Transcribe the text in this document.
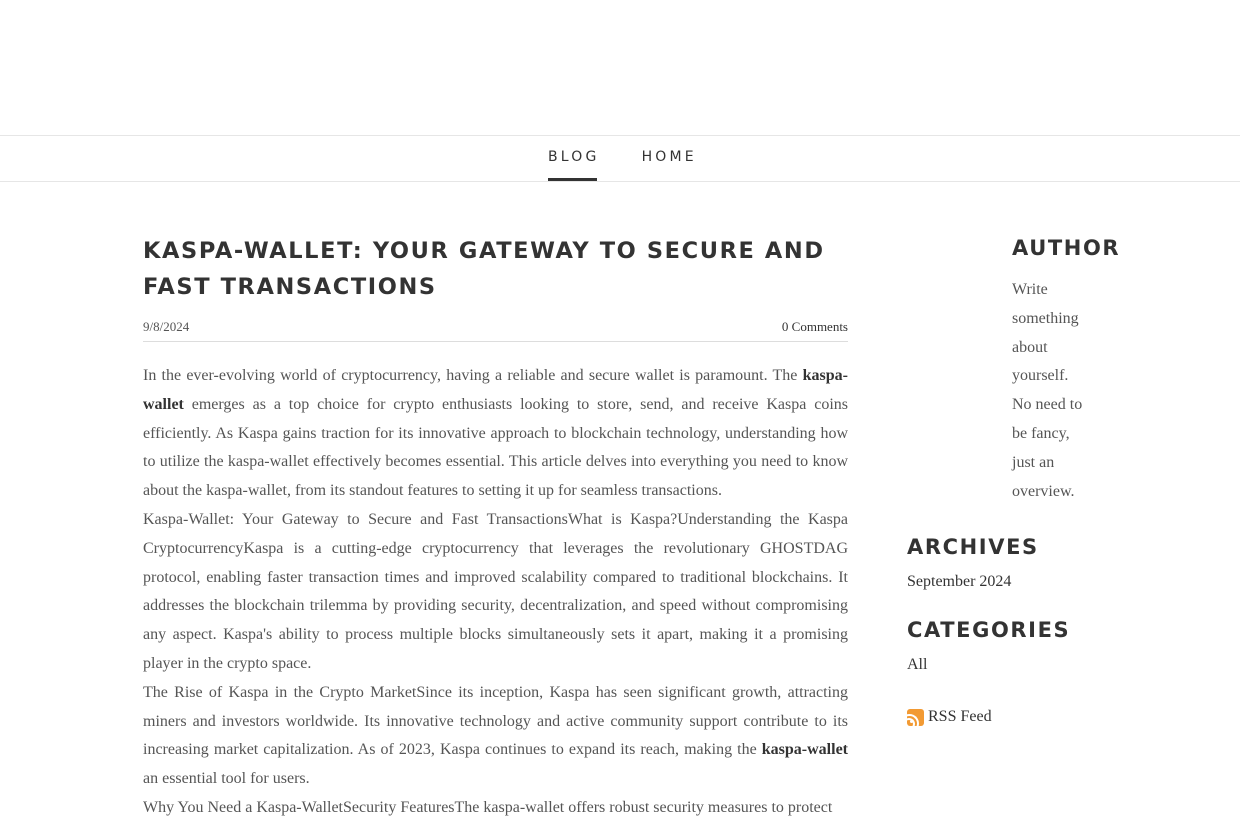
BLOG	HOME
KASPA-WALLET: YOUR GATEWAY TO SECURE AND FAST TRANSACTIONS
9/8/2024	0 Comments

In the ever-evolving world of cryptocurrency, having a reliable and secure wallet is paramount. The kaspa-wallet emerges as a top choice for crypto enthusiasts looking to store, send, and receive Kaspa coins efficiently. As Kaspa gains traction for its innovative approach to blockchain technology, understanding how to utilize the kaspa-wallet effectively becomes essential. This article delves into everything you need to know about the kaspa-wallet, from its standout features to setting it up for seamless transactions.

Kaspa-Wallet: Your Gateway to Secure and Fast TransactionsWhat is Kaspa?Understanding the Kaspa CryptocurrencyKaspa is a cutting-edge cryptocurrency that leverages the revolutionary GHOSTDAG protocol, enabling faster transaction times and improved scalability compared to traditional blockchains. It addresses the blockchain trilemma by providing security, decentralization, and speed without compromising any aspect. Kaspa's ability to process multiple blocks simultaneously sets it apart, making it a promising player in the crypto space.

The Rise of Kaspa in the Crypto MarketSince its inception, Kaspa has seen significant growth, attracting miners and investors worldwide. Its innovative technology and active community support contribute to its increasing market capitalization. As of 2023, Kaspa continues to expand its reach, making the kaspa-wallet an essential tool for users.

Why You Need a Kaspa-WalletSecurity FeaturesThe kaspa-wallet offers robust security measures to protect

AUTHOR
Write something about yourself. No need to be fancy, just an overview.
ARCHIVES
September 2024
CATEGORIES
All
RSS Feed
